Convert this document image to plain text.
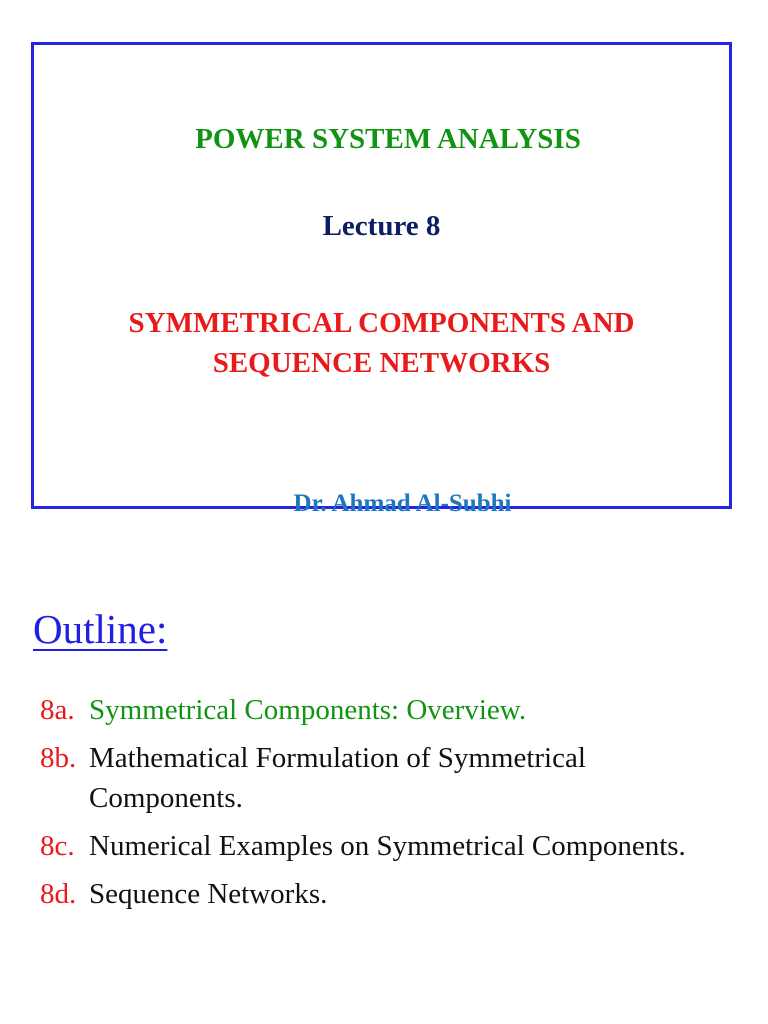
POWER SYSTEM ANALYSIS
Lecture 8
SYMMETRICAL COMPONENTS AND
SEQUENCE NETWORKS
Dr. Ahmad Al-Subhi
Outline:
8a. Symmetrical Components: Overview.
8b. Mathematical Formulation of Symmetrical Components.
8c. Numerical Examples on Symmetrical Components.
8d. Sequence Networks.
